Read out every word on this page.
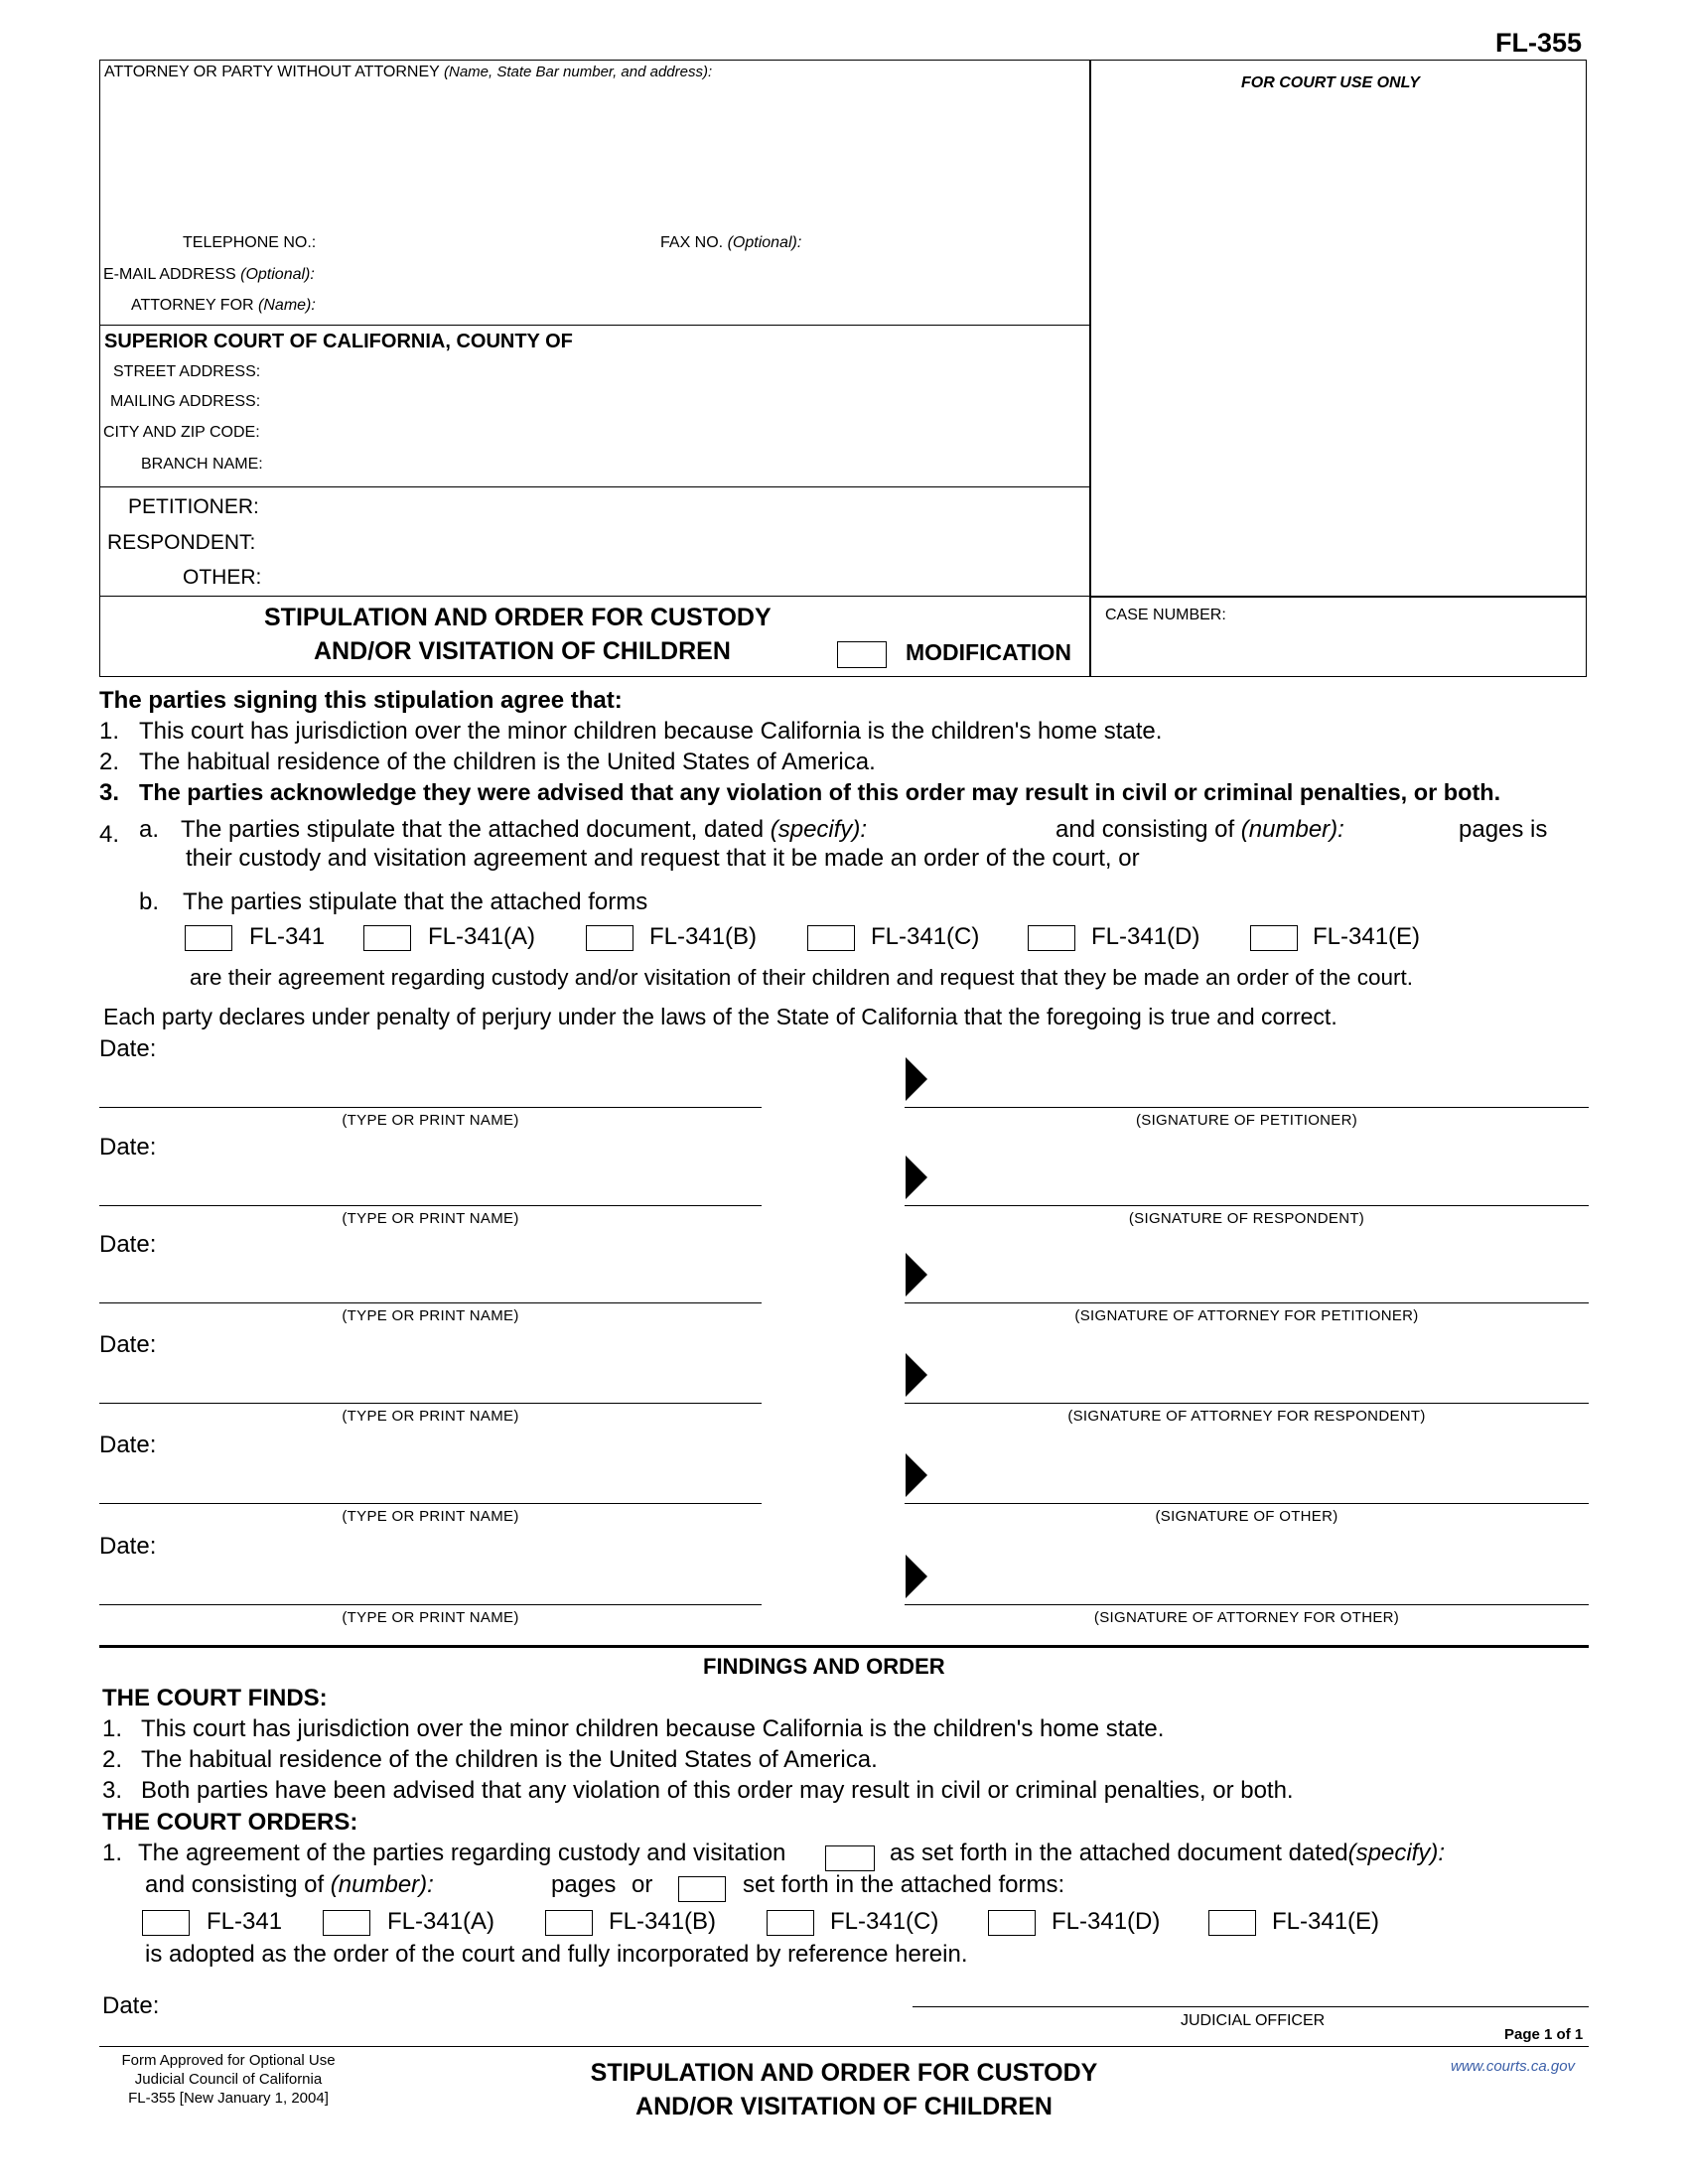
FL-355
ATTORNEY OR PARTY WITHOUT ATTORNEY (Name, State Bar number, and address):
FOR COURT USE ONLY
TELEPHONE NO.:	FAX NO. (Optional):
E-MAIL ADDRESS (Optional):
ATTORNEY FOR (Name):
SUPERIOR COURT OF CALIFORNIA, COUNTY OF
STREET ADDRESS:
MAILING ADDRESS:
CITY AND ZIP CODE:
BRANCH NAME:
PETITIONER:
RESPONDENT:
OTHER:
STIPULATION AND ORDER FOR CUSTODY
AND/OR VISITATION OF CHILDREN	MODIFICATION
CASE NUMBER:
The parties signing this stipulation agree that:
1. This court has jurisdiction over the minor children because California is the children's home state.
2. The habitual residence of the children is the United States of America.
3. The parties acknowledge they were advised that any violation of this order may result in civil or criminal penalties, or both.
4. a. The parties stipulate that the attached document, dated (specify):	and consisting of (number):	pages is
their custody and visitation agreement and request that it be made an order of the court, or
b. The parties stipulate that the attached forms
FL-341	FL-341(A)	FL-341(B)	FL-341(C)	FL-341(D)	FL-341(E)
are their agreement regarding custody and/or visitation of their children and request that they be made an order of the court.
Each party declares under penalty of perjury under the laws of the State of California that the foregoing is true and correct.
Date:
(TYPE OR PRINT NAME)	(SIGNATURE OF PETITIONER)
Date:
(TYPE OR PRINT NAME)	(SIGNATURE OF RESPONDENT)
Date:
(TYPE OR PRINT NAME)	(SIGNATURE OF ATTORNEY FOR PETITIONER)
Date:
(TYPE OR PRINT NAME)	(SIGNATURE OF ATTORNEY FOR RESPONDENT)
Date:
(TYPE OR PRINT NAME)	(SIGNATURE OF OTHER)
Date:
(TYPE OR PRINT NAME)	(SIGNATURE OF ATTORNEY FOR OTHER)
FINDINGS AND ORDER
THE COURT FINDS:
1. This court has jurisdiction over the minor children because California is the children's home state.
2. The habitual residence of the children is the United States of America.
3. Both parties have been advised that any violation of this order may result in civil or criminal penalties, or both.
THE COURT ORDERS:
1. The agreement of the parties regarding custody and visitation	as set forth in the attached document dated(specify):
and consisting of (number):	pages or	set forth in the attached forms:
FL-341	FL-341(A)	FL-341(B)	FL-341(C)	FL-341(D)	FL-341(E)
is adopted as the order of the court and fully incorporated by reference herein.
Date:
JUDICIAL OFFICER
Page 1 of 1
Form Approved for Optional Use
Judicial Council of California
FL-355 [New January 1, 2004]
STIPULATION AND ORDER FOR CUSTODY
AND/OR VISITATION OF CHILDREN
www.courts.ca.gov
